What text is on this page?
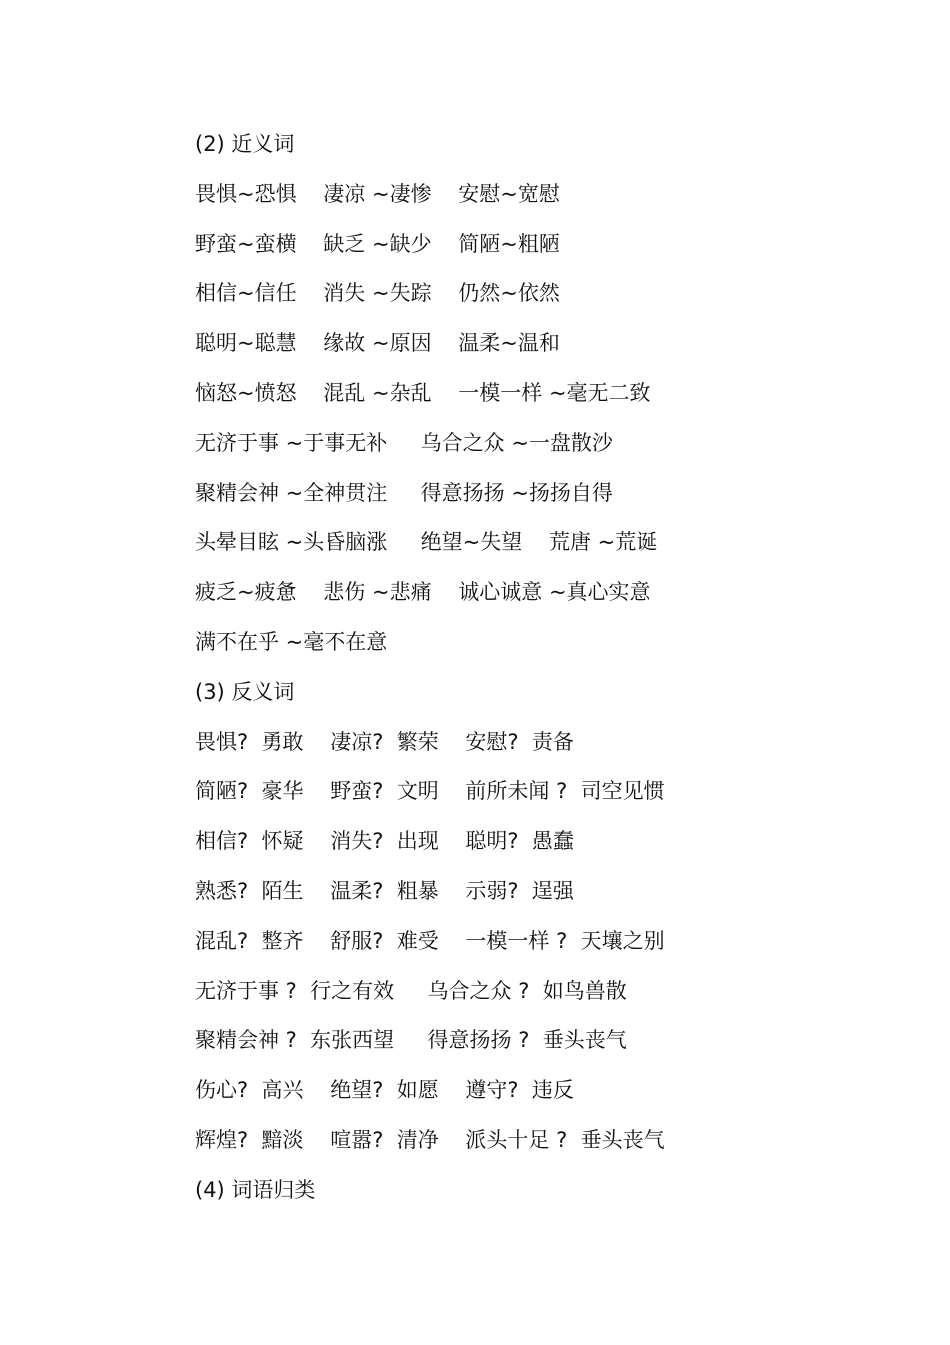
(2) 近义词
畏惧~恐惧    凄凉 ~凄惨    安慰~宽慰
野蛮~蛮横    缺乏 ~缺少    简陋~粗陋
相信~信任    消失 ~失踪    仍然~依然
聪明~聪慧    缘故 ~原因    温柔~温和
恼怒~愤怒    混乱 ~杂乱    一模一样 ~毫无二致
无济于事 ~于事无补     乌合之众 ~一盘散沙
聚精会神 ~全神贯注     得意扬扬 ~扬扬自得
头晕目眩 ~头昏脑涨     绝望~失望    荒唐 ~荒诞
疲乏~疲惫    悲伤 ~悲痛    诚心诚意 ~真心实意
满不在乎 ~毫不在意
(3) 反义词
畏惧?  勇敢    凄凉?  繁荣    安慰?  责备
简陋?  豪华    野蛮?  文明    前所未闻 ?  司空见惯
相信?  怀疑    消失?  出现    聪明?  愚蠢
熟悉?  陌生    温柔?  粗暴    示弱?  逞强
混乱?  整齐    舒服?  难受    一模一样 ?  天壤之别
无济于事 ?  行之有效     乌合之众 ?  如鸟兽散
聚精会神 ?  东张西望     得意扬扬 ?  垂头丧气
伤心?  高兴    绝望?  如愿    遵守?  违反
辉煌?  黯淡    喧嚣?  清净    派头十足 ?  垂头丧气
(4) 词语归类
